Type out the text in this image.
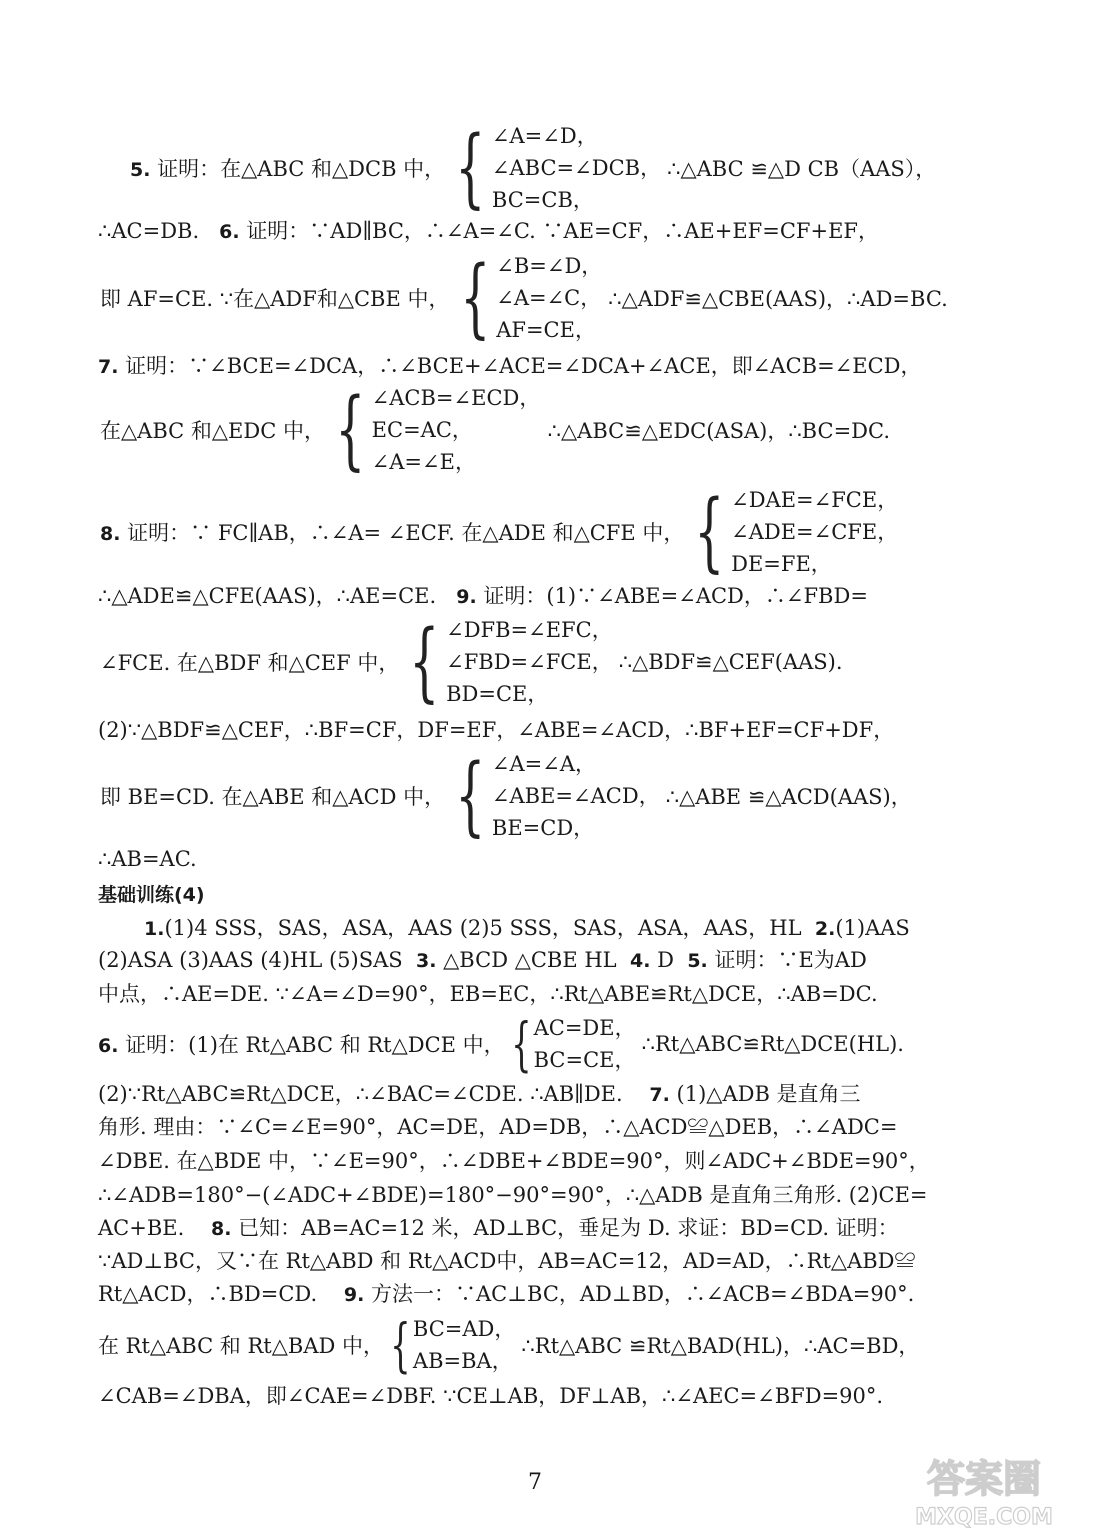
5. 证明：在△ABC 和△DCB 中， { ∠A=∠D，
∠ABC=∠DCB，
BC=CB，
∴△ABC ≌△D CB（AAS），
∴AC=DB. 6. 证明：∵AD∥BC，∴∠A=∠C. ∵AE=CF，∴AE+EF=CF+EF，
即 AF=CE. ∵在△ADF和△CBE 中， { ∠B=∠D，
∠A=∠C，
AF=CE，
∴△ADF≌△CBE(AAS)，∴AD=BC.
7. 证明：∵∠BCE=∠DCA，∴∠BCE+∠ACE=∠DCA+∠ACE，即∠ACB=∠ECD，
在△ABC 和△EDC 中， { ∠ACB=∠ECD，
EC=AC，
∠A=∠E，
∴△ABC≌△EDC(ASA)，∴BC=DC.
8. 证明：∵ FC∥AB，∴∠A= ∠ECF. 在△ADE 和△CFE 中， { ∠DAE=∠FCE，
∠ADE=∠CFE，
DE=FE，
∴△ADE≌△CFE(AAS)，∴AE=CE. 9. 证明：(1)∵∠ABE=∠ACD，∴∠FBD=
∠FCE. 在△BDF 和△CEF 中， { ∠DFB=∠EFC，
∠FBD=∠FCE，
BD=CE，
∴△BDF≌△CEF(AAS).
(2)∵△BDF≌△CEF，∴BF=CF，DF=EF，∠ABE=∠ACD，∴BF+EF=CF+DF，
即 BE=CD. 在△ABE 和△ACD 中， { ∠A=∠A，
∠ABE=∠ACD，
BE=CD，
∴△ABE ≌△ACD(AAS)，
∴AB=AC.
基础训练(4)
1.(1)4 SSS，SAS，ASA，AAS (2)5 SSS，SAS，ASA，AAS，HL 2.(1)AAS
(2)ASA (3)AAS (4)HL (5)SAS 3. △BCD △CBE HL 4. D 5. 证明：∵E为AD
中点，∴AE=DE. ∵∠A=∠D=90°，EB=EC，∴Rt△ABE≌Rt△DCE，∴AB=DC.
6. 证明：(1)在 Rt△ABC 和 Rt△DCE 中， { AC=DE，
BC=CE，
∴Rt△ABC≌Rt△DCE(HL).
(2)∵Rt△ABC≌Rt△DCE，∴∠BAC=∠CDE. ∴AB∥DE. 7. (1)△ADB 是直角三
角形. 理由：∵∠C=∠E=90°，AC=DE，AD=DB，∴△ACD≌△DEB，∴∠ADC=
∠DBE. 在△BDE 中，∵∠E=90°，∴∠DBE+∠BDE=90°，则∠ADC+∠BDE=90°，
∴∠ADB=180°−(∠ADC+∠BDE)=180°−90°=90°，∴△ADB 是直角三角形. (2)CE=
AC+BE. 8. 已知：AB=AC=12 米，AD⊥BC，垂足为 D. 求证：BD=CD. 证明：
∵AD⊥BC，又∵在 Rt△ABD 和 Rt△ACD中，AB=AC=12，AD=AD，∴Rt△ABD≌
Rt△ACD，∴BD=CD. 9. 方法一：∵AC⊥BC，AD⊥BD，∴∠ACB=∠BDA=90°.
在 Rt△ABC 和 Rt△BAD 中， { BC=AD，
AB=BA，
∴Rt△ABC ≌Rt△BAD(HL)，∴AC=BD，
∠CAB=∠DBA，即∠CAE=∠DBF. ∵CE⊥AB，DF⊥AB，∴∠AEC=∠BFD=90°.
7	答案圈
MXQE.COM
